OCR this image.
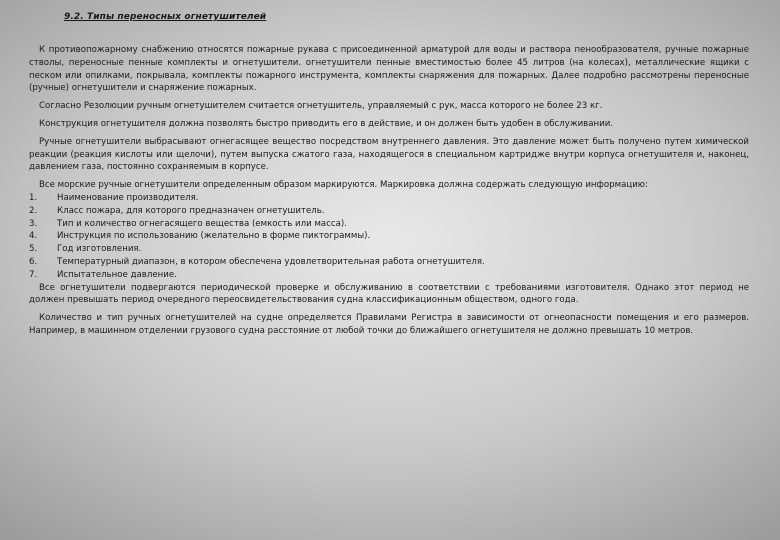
9.2. Типы переносных огнетушителей

К противопожарному снабжению относятся пожарные рукава с присоединенной арматурой для воды и раствора пенообразователя, ручные пожарные стволы, переносные пенные комплекты и огнетушители. огнетушители пенные вместимостью более 45 литров (на колесах), металлические ящики с песком или опилками, покрывала, комплекты пожарного инструмента, комплекты снаряжения для пожарных. Далее подробно рассмотрены переносные (ручные) огнетушители и снаряжение пожарных.

Согласно Резолюции ручным огнетушителем считается огнетушитель, управляемый с рук, масса которого не более 23 кг.

Конструкция огнетушителя должна позволять быстро приводить его в действие, и он должен быть удобен в обслуживании.

Ручные огнетушители выбрасывают огнегасящее вещество посредством внутреннего давления. Это давление может быть получено путем химической реакции (реакция кислоты или щелочи), путем выпуска сжатого газа, находящегося в специальном картридже внутри корпуса огнетушителя и, наконец, давлением газа, постоянно сохраняемым в корпусе.

Все морские ручные огнетушители определенным образом маркируются. Маркировка должна содержать следующую информацию:

1.	Наименование производителя.
2.	Класс пожара, для которого предназначен огнетушитель.
3.	Тип и количество огнегасящего вещества (емкость или масса).
4.	Инструкция по использованию (желательно в форме пиктограммы).
5.	Год изготовления.
6.	Температурный диапазон, в котором обеспечена удовлетворительная работа огнетушителя.
7.	Испытательное давление.

Все огнетушители подвергаются периодической проверке и обслуживанию в соответствии с требованиями изготовителя. Однако этот период не должен превышать период очередного переосвидетельствования судна классификационным обществом, одного года.

Количество и тип ручных огнетушителей на судне определяется Правилами Регистра в зависимости от огнеопасности помещения и его размеров. Например, в машинном отделении грузового судна расстояние от любой точки до ближайшего огнетушителя не должно превышать 10 метров.
